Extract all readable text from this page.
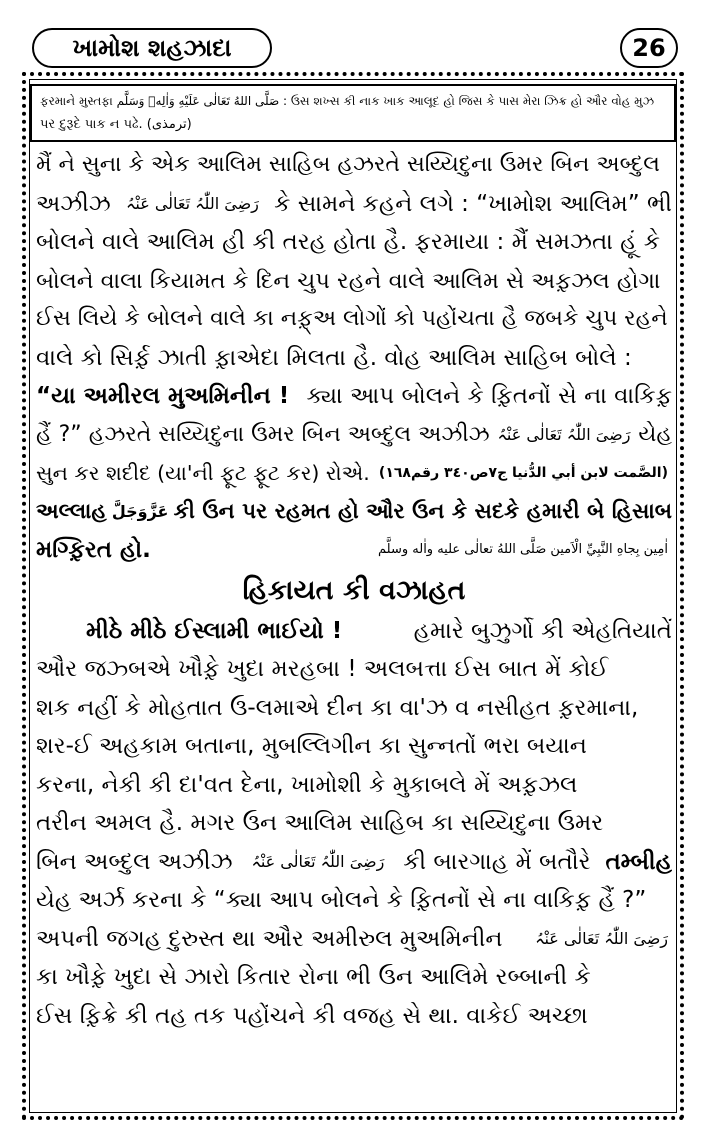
ખામોશ શહઝાદા	26
ફરમાને મુસ્તફા صَلَّى اللهُ تَعَالٰی عَلَيْهِ وَاٰلِهٖ وَسَلَّم : ઉસ શખ્સ કી નાક ખાક આલૂદ હો જિસ કે પાસ મેરા ઝિક્ર હો ઔર વોહ મુઝ
પર દુરૂદે પાક ન પઢે. (ترمذی)
મૈં ને સુના કે એક આલિમ સાહિબ હઝરતે સય્યિદુના ઉમર બિન અબ્દુલ
અઝીઝ رَضِیَ اللّٰہُ تَعَالٰی عَنْہُ કે સામને કહને લગે : “ખામોશ આલિમ” ભી
બોલને વાલે આલિમ હી કી તરહ હોતા હૈ. ફરમાયા : મૈં સમઝતા હૂં કે
બોલને વાલા કિયામત કે દિન ચુપ રહને વાલે આલિમ સે અફ઼ઝલ હોગા
ઈસ લિયે કે બોલને વાલે કા નફ઼્અ લોગોં કો પહોંચતા હૈ જબકે ચુપ રહને
વાલે કો સિર્ફ઼ ઝાતી ફ઼ાએદા મિલતા હૈ. વોહ આલિમ સાહિબ બોલે :
“યા અમીરલ મુઅમિનીન ! ક્યા આપ બોલને કે ફ઼િતનોં સે ના વાકિફ઼
હૈં ?” હઝરતે સય્યિદુના ઉમર બિન અબ્દુલ અઝીઝ رَضِیَ اللّٰہُ تَعَالٰی عَنْہُ યેહ
સુન કર શદીદ (યા'ની ફૂટ ફૂટ કર) રોએ. (الصَّمت لابن أبي الدُّنيا ج٧ص٣٤٠ رقم١٦٨)
અલ્લાહ عَزَّوَجَلَّ કી ઉન પર રહમત હો ઔર ઉન કે સદકે હમારી બે હિસાબ
મગ્ફ઼િરત હો.	اٰمِين بِجاهِ النَّبِيِّ الْاَمين صَلَّى اللهُ تعالٰى عليه واٰله وسلَّم
હિકાયત કી વઝાહત
મીઠે મીઠે ઈસ્લામી ભાઈયો !	હમારે બુઝુર્ગો કી એહતિયાતેં
ઔર જઝ્બએ ખૌફ઼ે ખુદા મરહબા ! અલબત્તા ઈસ બાત મેં કોઈ
શક નહીં કે મોહતાત ઉ-લમાએ દીન કા વા'ઝ વ નસીહત ફ઼રમાના,
શર-ઈ અહકામ બતાના, મુબલ્લિગીન કા સુન્નતોં ભરા બયાન
કરના, નેકી કી દા'વત દેના, ખામોશી કે મુકાબલે મેં અફ઼ઝલ
તરીન અમલ હૈ. મગર ઉન આલિમ સાહિબ કા સય્યિદુના ઉમર
બિન અબ્દુલ અઝીઝ رَضِیَ اللّٰہُ تَعَالٰی عَنْہُ કી બારગાહ મેં બતૌરે તમ્બીહ
યેહ અર્ઝ કરના કે “ક્યા આપ બોલને કે ફ઼િતનોં સે ના વાકિફ઼ હૈં ?”
અપની જગહ દુરુસ્ત થા ઔર અમીરુલ મુઅમિનીન رَضِیَ اللّٰہُ تَعَالٰی عَنْہُ
કા ખૌફ઼ે ખુદા સે ઝારો કિતાર રોના ભી ઉન આલિમે રબ્બાની કે
ઈસ ફ઼િક્રે કી તહ તક પહોંચને કી વજહ સે થા. વાકેઈ અચ્છા
